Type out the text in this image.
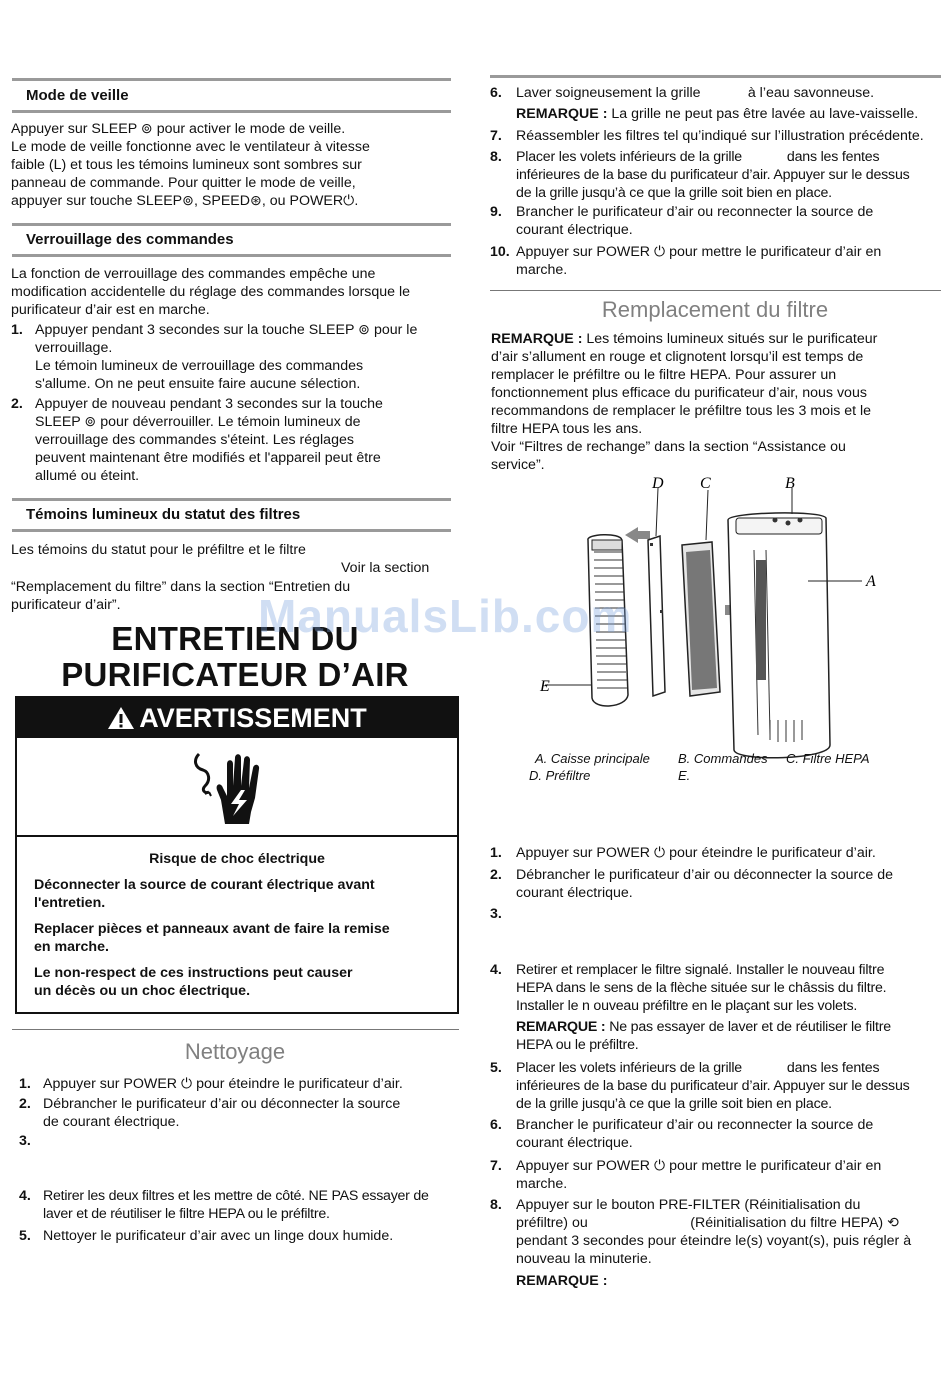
Mode de veille
Appuyer sur SLEEP ⊚ pour activer le mode de veille.
Le mode de veille fonctionne avec le ventilateur à vitesse
faible (L) et tous les témoins lumineux sont sombres sur
panneau de commande. Pour quitter le mode de veille,
appuyer sur touche SLEEP⊚, SPEED⊛, ou POWER⏻.
Verrouillage des commandes
La fonction de verrouillage des commandes empêche une
modification accidentelle du réglage des commandes lorsque le
purificateur d’air est en marche.
1. Appuyer pendant 3 secondes sur la touche SLEEP ⊚ pour le
verrouillage.
Le témoin lumineux de verrouillage des commandes
s'allume. On ne peut ensuite faire aucune sélection.
2. Appuyer de nouveau pendant 3 secondes sur la touche
SLEEP ⊚ pour déverrouiller. Le témoin lumineux de
verrouillage des commandes s'éteint. Les réglages
peuvent maintenant être modifiés et l'appareil peut être
allumé ou éteint.
Témoins lumineux du statut des filtres
Les témoins du statut pour le préfiltre et le filtre
Voir la section
“Remplacement du filtre” dans la section “Entretien du
purificateur d’air”.
ENTRETIEN DU
PURIFICATEUR D’AIR
AVERTISSEMENT
Risque de choc électrique
Déconnecter la source de courant électrique avant
l'entretien.
Replacer pièces et panneaux avant de faire la remise
en marche.
Le non-respect de ces instructions peut causer
un décès ou un choc électrique.
Nettoyage
1. Appuyer sur POWER ⏻ pour éteindre le purificateur d’air.
2. Débrancher le purificateur d’air ou déconnecter la source
de courant électrique.
3.
4. Retirer les deux filtres et les mettre de côté. NE PAS essayer de
laver et de réutiliser le filtre HEPA ou le préfiltre.
5. Nettoyer le purificateur d’air avec un linge doux humide.
6. Laver soigneusement la grille            à l’eau savonneuse.
REMARQUE : La grille ne peut pas être lavée au lave-vaisselle.
7. Réassembler les filtres tel qu’indiqué sur l’illustration précédente.
8. Placer les volets inférieurs de la grille            dans les fentes
inférieures de la base du purificateur d’air. Appuyer sur le dessus
de la grille jusqu’à ce que la grille soit bien en place.
9. Brancher le purificateur d’air ou reconnecter la source de
courant électrique.
10. Appuyer sur POWER ⏻ pour mettre le purificateur d’air en
marche.
Remplacement du filtre
REMARQUE : Les témoins lumineux situés sur le purificateur
d’air s’allument en rouge et clignotent lorsqu’il est temps de
remplacer le préfiltre ou le filtre HEPA. Pour assurer un
fonctionnement plus efficace du purificateur d’air, nous vous
recommandons de remplacer le préfiltre tous les 3 mois et le
filtre HEPA tous les ans.
Voir “Filtres de rechange” dans la section “Assistance ou
service”.
D C	B
A
E
A. Caisse principale B. Commandes C. Filtre HEPA
D. Préfiltre	E.
1. Appuyer sur POWER ⏻ pour éteindre le purificateur d’air.
2. Débrancher le purificateur d’air ou déconnecter la source de
courant électrique.
3.
4. Retirer et remplacer le filtre signalé. Installer le nouveau filtre
HEPA dans le sens de la flèche située sur le châssis du filtre.
Installer le n ouveau préfiltre en le plaçant sur les volets.
REMARQUE : Ne pas essayer de laver et de réutiliser le filtre
HEPA ou le préfiltre.
5. Placer les volets inférieurs de la grille            dans les fentes
inférieures de la base du purificateur d’air. Appuyer sur le dessus
de la grille jusqu’à ce que la grille soit bien en place.
6. Brancher le purificateur d’air ou reconnecter la source de
courant électrique.
7. Appuyer sur POWER ⏻ pour mettre le purificateur d’air en
marche.
8. Appuyer sur le bouton PRE-FILTER (Réinitialisation du
préfiltre) ou                          (Réinitialisation du filtre HEPA) ⟲
pendant 3 secondes pour éteindre le(s) voyant(s), puis régler à
nouveau la minuterie.
REMARQUE :
ManualsLib.com
